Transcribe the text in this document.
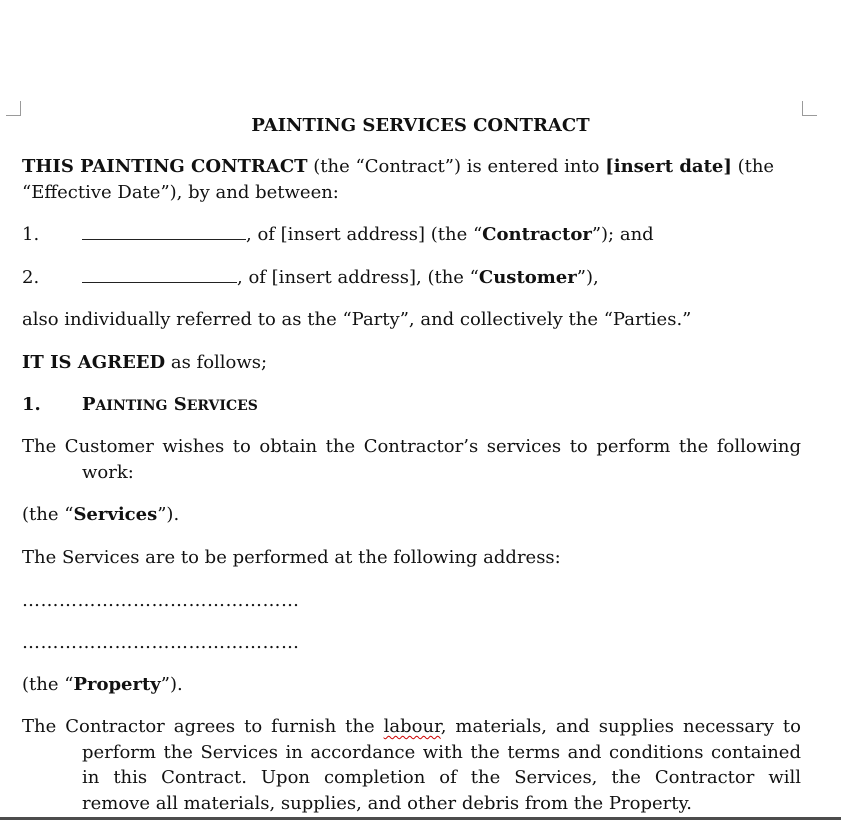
PAINTING SERVICES CONTRACT
THIS PAINTING CONTRACT (the “Contract”) is entered into [insert date] (the
“Effective Date”), by and between:
1.	, of [insert address] (the “Contractor”); and
2.	, of [insert address], (the “Customer”),
also individually referred to as the “Party”, and collectively the “Parties.”
IT IS AGREED as follows;
1. PAINTING SERVICES
The Customer wishes to obtain the Contractor’s services to perform the following
work:
(the “Services”).
The Services are to be performed at the following address:
………………………………………
………………………………………
(the “Property”).
The Contractor agrees to furnish the labour, materials, and supplies necessary to
perform the Services in accordance with the terms and conditions contained
in this Contract. Upon completion of the Services, the Contractor will
remove all materials, supplies, and other debris from the Property.
